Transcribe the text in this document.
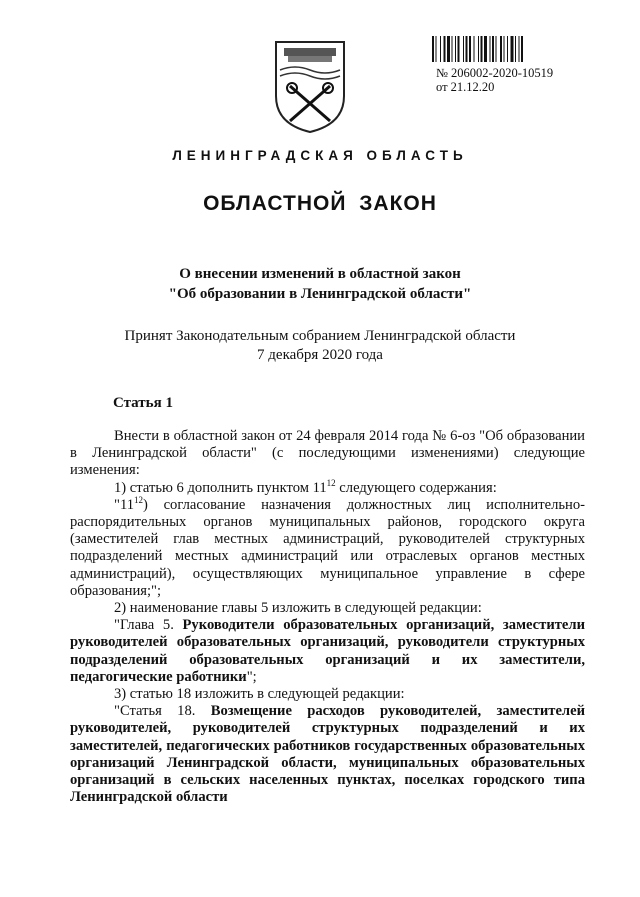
№ 206002-2020-10519
от 21.12.20
ЛЕНИНГРАДСКАЯ ОБЛАСТЬ
ОБЛАСТНОЙ ЗАКОН
О внесении изменений в областной закон
"Об образовании в Ленинградской области"
Принят Законодательным собранием Ленинградской области
7 декабря 2020 года
Статья 1

Внести в областной закон от 24 февраля 2014 года № 6-оз "Об образовании в Ленинградской области" (с последующими изменениями) следующие изменения:

1) статью 6 дополнить пунктом $11^{12}$ следующего содержания:

"$11^{12}$) согласование назначения должностных лиц исполнительно-распорядительных органов муниципальных районов, городского округа (заместителей глав местных администраций, руководителей структурных подразделений местных администраций или отраслевых органов местных администраций), осуществляющих муниципальное управление в сфере образования;";

2) наименование главы 5 изложить в следующей редакции:

"Глава 5. Руководители образовательных организаций, заместители руководителей образовательных организаций, руководители структурных подразделений образовательных организаций и их заместители, педагогические работники";

3) статью 18 изложить в следующей редакции:

"Статья 18. Возмещение расходов руководителей, заместителей руководителей, руководителей структурных подразделений и их заместителей, педагогических работников государственных образовательных организаций Ленинградской области, муниципальных образовательных организаций в сельских населенных пунктах, поселках городского типа Ленинградской области
